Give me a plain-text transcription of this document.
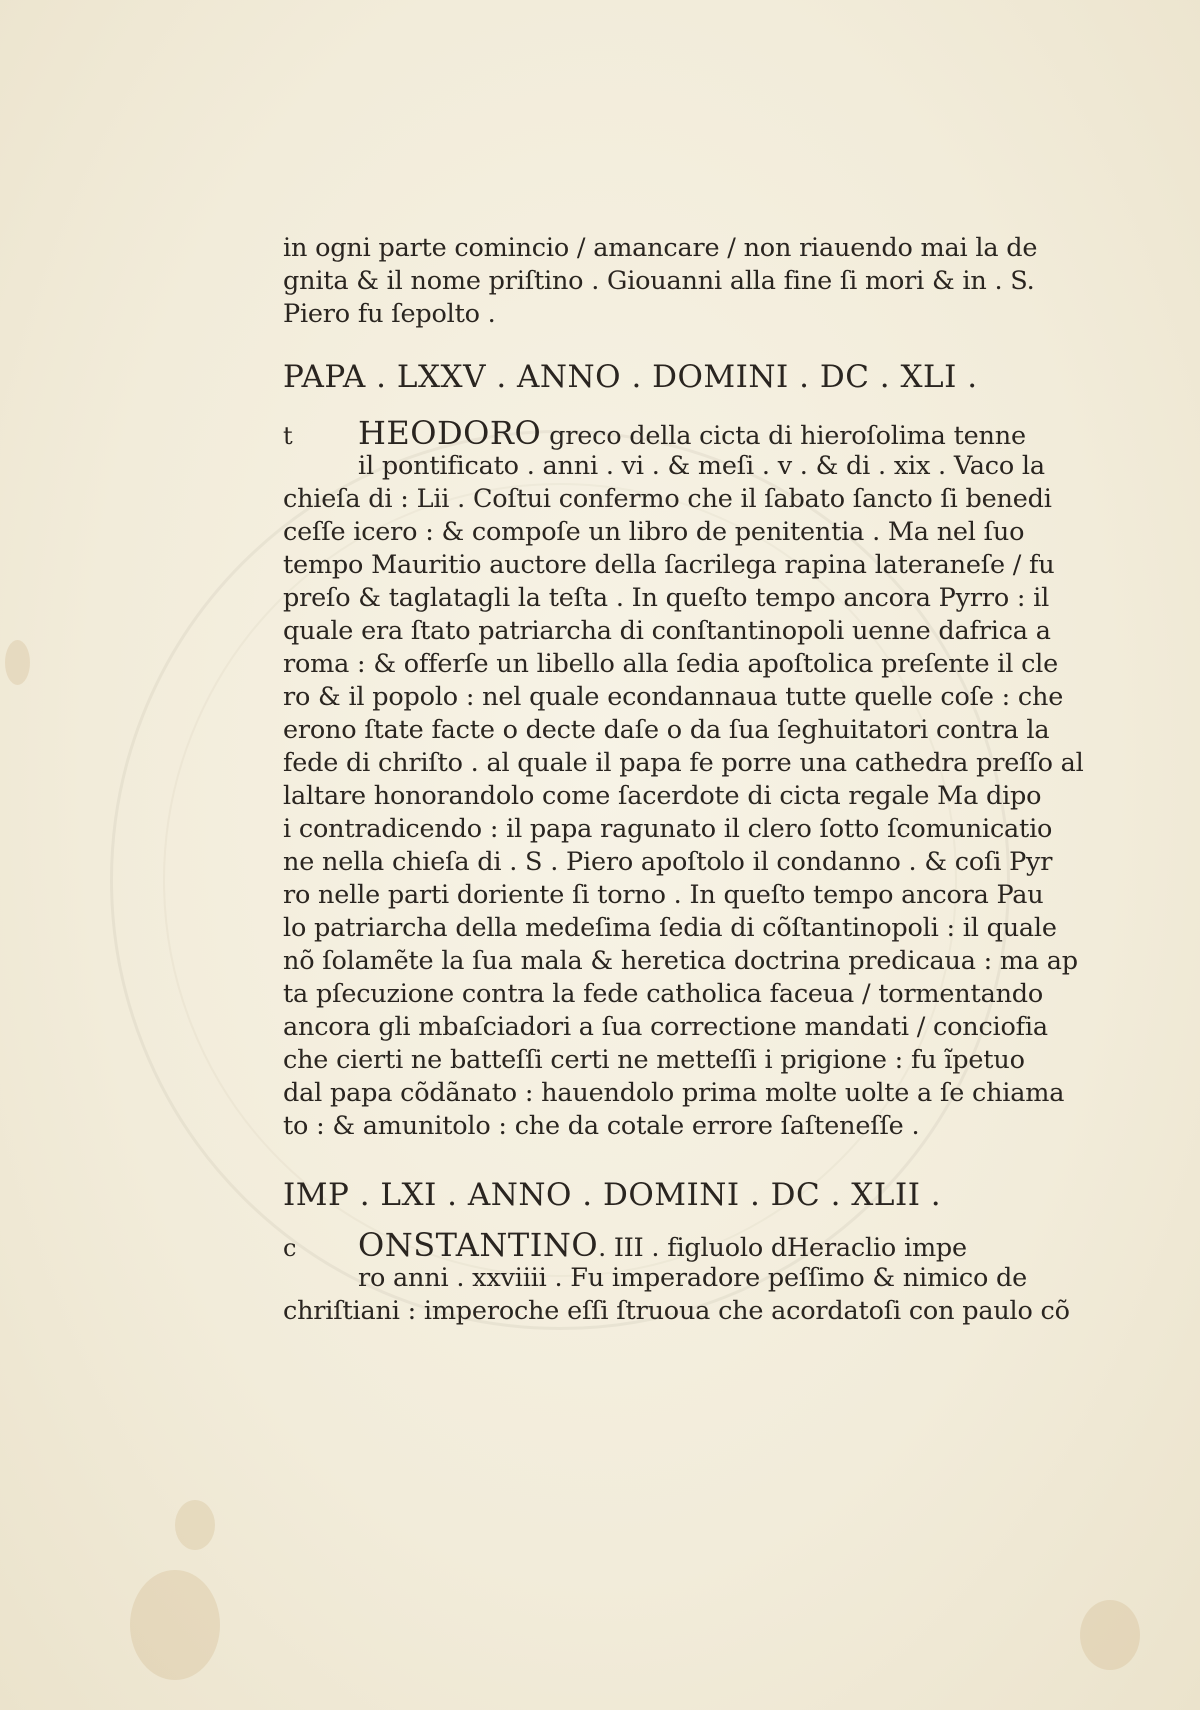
in ogni parte comincio / amancare / non riauendo mai la de
gnita & il nome priſtino . Giouanni alla fine ſi mori & in . S.
Piero fu ſepolto .
PAPA . LXXV . ANNO . DOMINI . DC . XLI .
t	HEODORO greco della cicta di hieroſolima tenne
il pontificato . anni . vi . & meſi . v . & di . xix . Vaco la
chieſa di : Lii . Coſtui confermo che il ſabato ſancto ſi benedi
ceſſe icero : & compoſe un libro de penitentia . Ma nel ſuo
tempo Mauritio auctore della ſacrilega rapina lateraneſe / fu
preſo & taglatagli la teſta . In queſto tempo ancora Pyrro : il
quale era ſtato patriarcha di conſtantinopoli uenne dafrica a
roma : & offerſe un libello alla ſedia apoſtolica preſente il cle
ro & il popolo : nel quale econdannaua tutte quelle coſe : che
erono ſtate facte o decte daſe o da ſua ſeghuitatori contra la
fede di chriſto . al quale il papa fe porre una cathedra preſſo al
laltare honorandolo come ſacerdote di cicta regale Ma dipo
i contradicendo : il papa ragunato il clero ſotto ſcomunicatio
ne nella chieſa di . S . Piero apoſtolo il condanno . & coſi Pyr
ro nelle parti doriente ſi torno . In queſto tempo ancora Pau
lo patriarcha della medeſima ſedia di cõſtantinopoli : il quale
nõ ſolamẽte la ſua mala & heretica doctrina predicaua : ma ap
ta pſecuzione contra la fede catholica faceua / tormentando
ancora gli mbaſciadori a ſua correctione mandati / conciofia
che cierti ne batteſſi certi ne metteſſi i prigione : fu ĩpetuo
dal papa cõdãnato : hauendolo prima molte uolte a ſe chiama
to : & amunitolo : che da cotale errore ſaſteneſſe .
IMP . LXI . ANNO . DOMINI . DC . XLII .
c	ONSTANTINO. III . figluolo dHeraclio impe
ro anni . xxviiii . Fu imperadore peſſimo & nimico de
chriſtiani : imperoche eſſi ſtruoua che acordatoſi con paulo cõ
